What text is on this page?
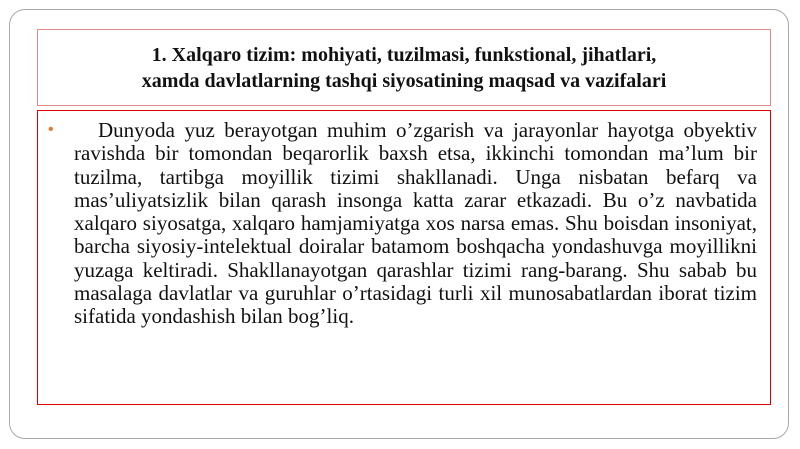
1. Xalqaro tizim: mohiyati, tuzilmasi, funkstional, jihatlari,
xamda davlatlarning tashqi siyosatining maqsad va vazifalari
•	Dunyoda yuz berayotgan muhim o’zgarish va jarayonlar hayotga obyektiv ravishda bir tomondan beqarorlik baxsh etsa, ikkinchi tomondan ma’lum bir tuzilma, tartibga moyillik tizimi shakllanadi. Unga nisbatan befarq va mas’uliyatsizlik bilan qarash insonga katta zarar etkazadi. Bu o’z navbatida xalqaro siyosatga, xalqaro hamjamiyatga xos narsa emas. Shu boisdan insoniyat, barcha siyosiy-intelektual doiralar batamom boshqacha yondashuvga moyillikni yuzaga keltiradi. Shakllanayotgan qarashlar tizimi rang-barang. Shu sabab bu masalaga davlatlar va guruhlar o’rtasidagi turli xil munosabatlardan iborat tizim sifatida yondashish bilan bog’liq.
